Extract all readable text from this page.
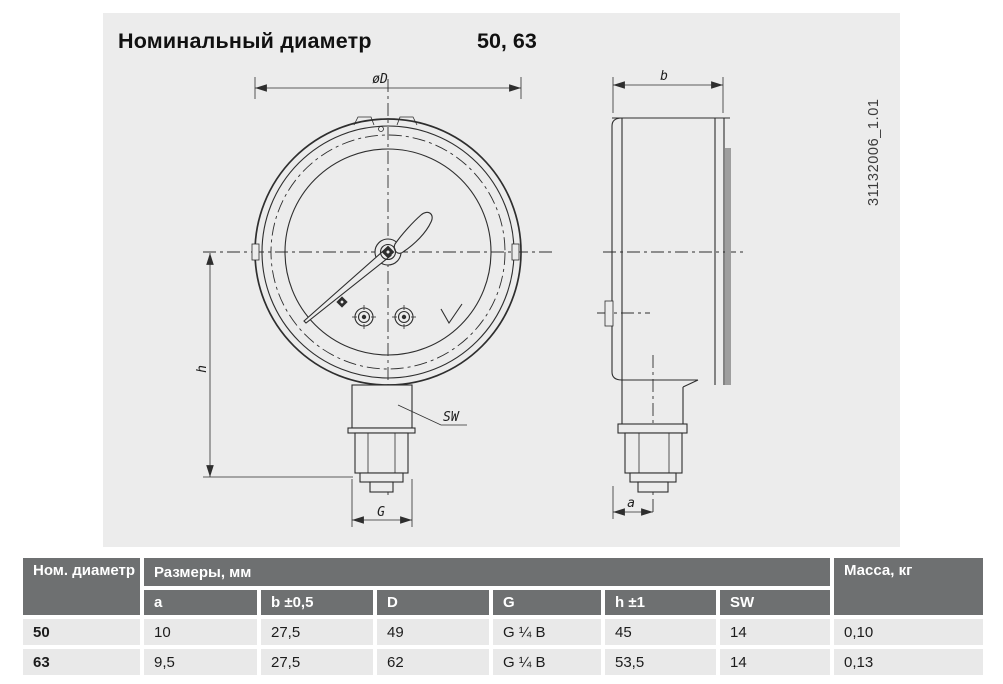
Номинальный диаметр	50, 63
øD
h
G
SW
b
a
31132006_1.01
Ном. диаметр	Размеры, мм	Масса, кг
a	b ±0,5	D	G	h ±1	SW
50	10	27,5	49	G ¼ B	45	14	0,10
63	9,5	27,5	62	G ¼ B	53,5	14	0,13
